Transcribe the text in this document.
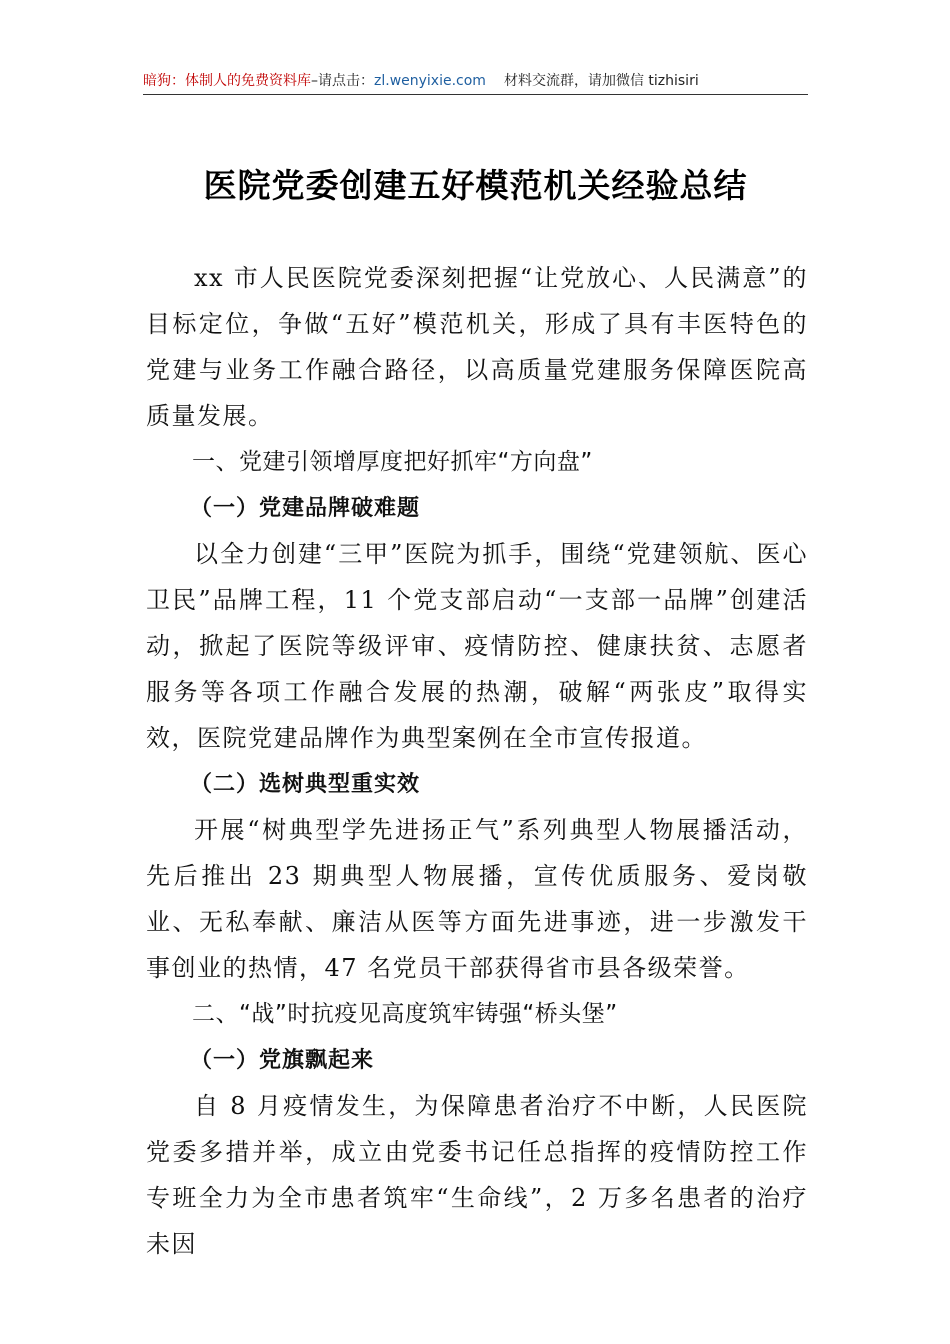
暗狗：体制人的免费资料库–请点击：zl.wenyixie.com 材料交流群，请加微信 tizhisiri
医院党委创建五好模范机关经验总结

xx 市人民医院党委深刻把握“让党放心、人民满意”的目标定位，争做“五好”模范机关，形成了具有丰医特色的党建与业务工作融合路径，以高质量党建服务保障医院高质量发展。

一、党建引领增厚度把好抓牢“方向盘”

（一）党建品牌破难题

以全力创建“三甲”医院为抓手，围绕“党建领航、医心卫民”品牌工程，11 个党支部启动“一支部一品牌”创建活动，掀起了医院等级评审、疫情防控、健康扶贫、志愿者服务等各项工作融合发展的热潮，破解“两张皮”取得实效，医院党建品牌作为典型案例在全市宣传报道。

（二）选树典型重实效

开展“树典型学先进扬正气”系列典型人物展播活动，先后推出 23 期典型人物展播，宣传优质服务、爱岗敬业、无私奉献、廉洁从医等方面先进事迹，进一步激发干事创业的热情，47 名党员干部获得省市县各级荣誉。

二、“战”时抗疫见高度筑牢铸强“桥头堡”

（一）党旗飘起来

自 8 月疫情发生，为保障患者治疗不中断，人民医院党委多措并举，成立由党委书记任总指挥的疫情防控工作专班全力为全市患者筑牢“生命线”，2 万多名患者的治疗未因
